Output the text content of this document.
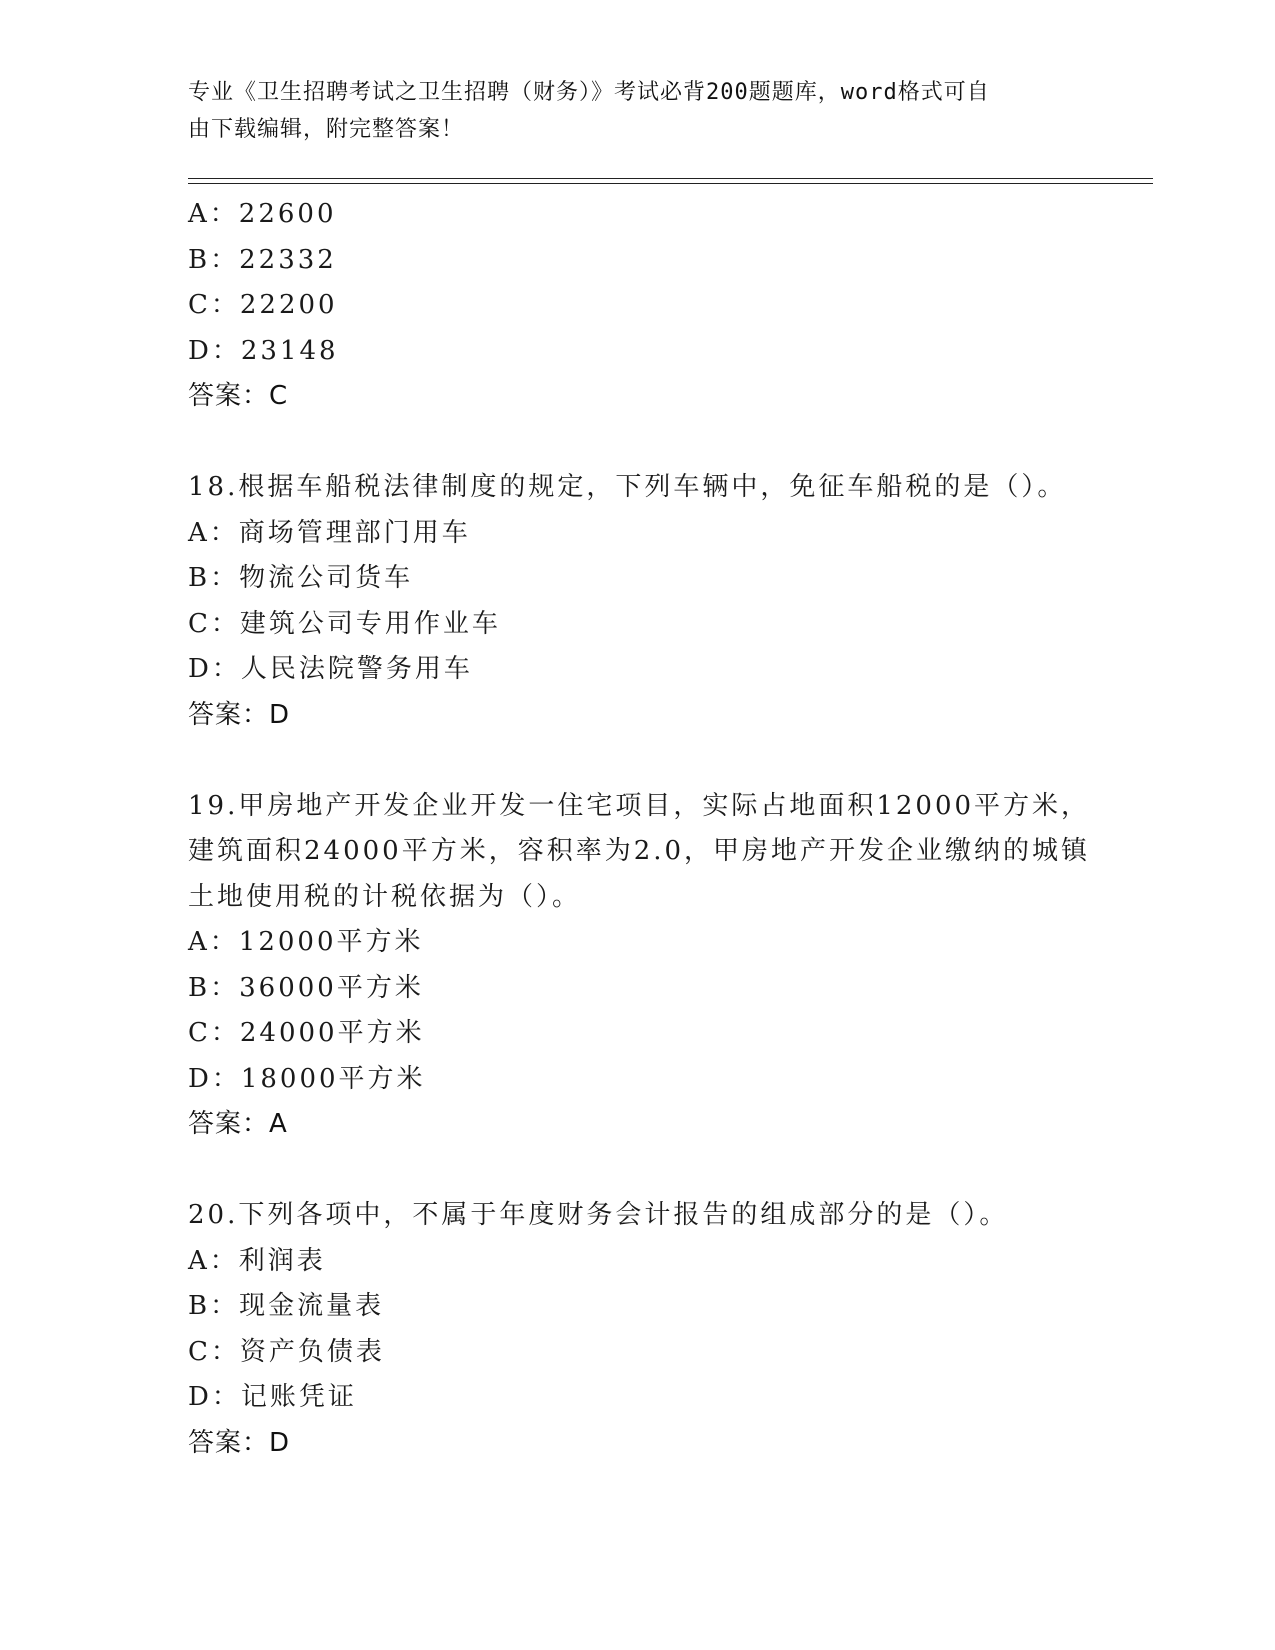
专业《卫生招聘考试之卫生招聘（财务）》考试必背200题题库，word格式可自
由下载编辑，附完整答案！
A：22600
B：22332
C：22200
D：23148
答案：C
18.根据车船税法律制度的规定，下列车辆中，免征车船税的是（）。
A：商场管理部门用车
B：物流公司货车
C：建筑公司专用作业车
D：人民法院警务用车
答案：D
19.甲房地产开发企业开发一住宅项目，实际占地面积12000平方米，
建筑面积24000平方米，容积率为2.0，甲房地产开发企业缴纳的城镇
土地使用税的计税依据为（）。
A：12000平方米
B：36000平方米
C：24000平方米
D：18000平方米
答案：A
20.下列各项中，不属于年度财务会计报告的组成部分的是（）。
A：利润表
B：现金流量表
C：资产负债表
D：记账凭证
答案：D
